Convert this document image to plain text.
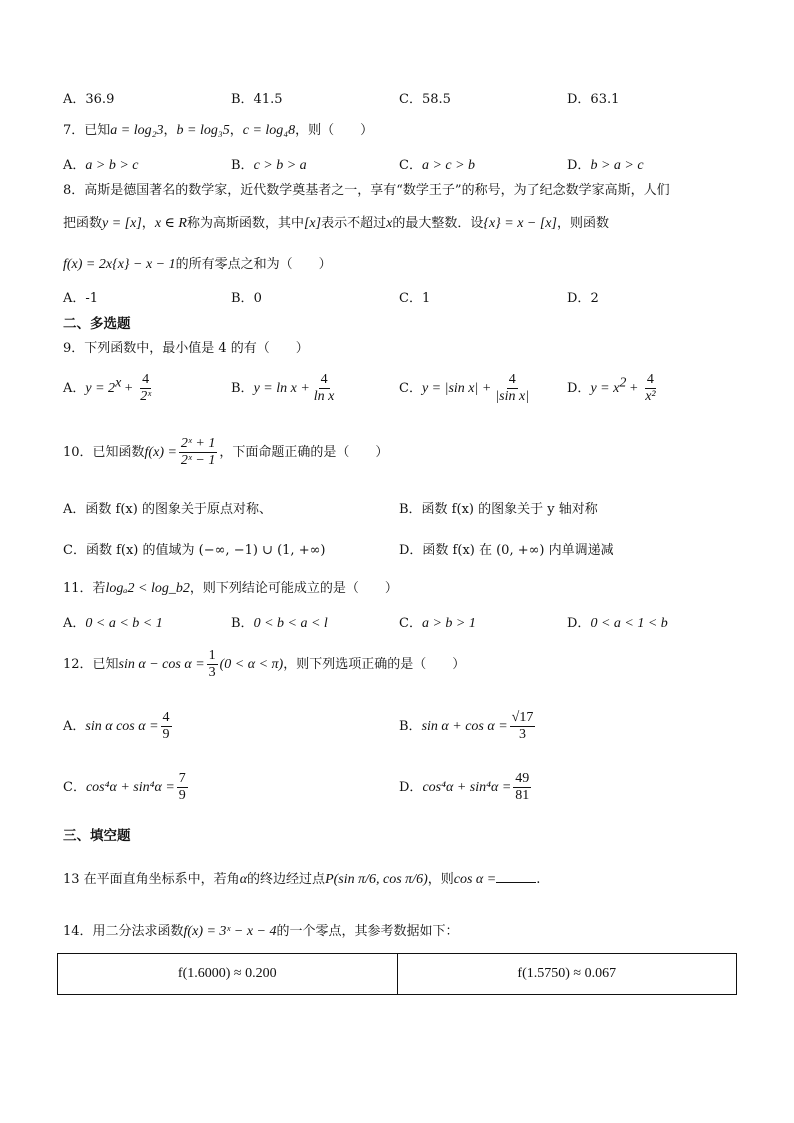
A．36.9	B．41.5	C．58.5	D．63.1
7．已知a = log₂3，b = log₃5，c = log₄8，则（　　）
A．a > b > c	B．c > b > a	C．a > c > b	D．b > a > c
8．高斯是德国著名的数学家，近代数学奠基者之一，享有“数学王子”的称号，为了纪念数学家高斯，人们
把函数y = [x]，x ∈ R称为高斯函数，其中[x]表示不超过x的最大整数．设{x} = x − [x]，则函数
f(x) = 2x{x} − x − 1的所有零点之和为（　　）
A．-1	B．0	C．1	D．2
二、多选题
9．下列函数中，最小值是 4 的有（　　）
A．$y = 2^x + \frac{4}{\text{2ˣ}}$	B．$y = \ln x + \frac{4}{\text{ln x}}$	C．y = |sin $x| + \frac{4}{\text{|sin x|}}$	D．$y = x^2 + \frac{4}{\text{x²}}$
10．已知函数$f(x) = \frac{\text{2ˣ + 1}}{\text{2ˣ − 1}}$ ，下面命题正确的是（　　）
A．函数 f(x) 的图象关于原点对称、	B．函数 f(x) 的图象关于 y 轴对称
C．函数 f(x) 的值域为 (−∞, −1) ∪ (1, +∞)	D．函数 f(x) 在 (0, +∞) 内单调递减
11．若logₐ2 < log_b2，则下列结论可能成立的是（　　）
A．0 < a < b < 1	B．0 < b < a < l	C．a > b > 1	D．0 < a < 1 < b
12．已知$\sin \alpha - \cos \alpha = \frac{1}{3} (0 < \alpha < \pi)$，则下列选项正确的是（　　）
A．sin α $\cos \alpha = \frac{4}{9}$	B．$\sin \alpha + \cos \alpha = \frac{√17}{3}$
C．$\cos^4\alpha + \sin^4\alpha = \frac{7}{9}$	D．$\cos^4\alpha + \sin^4\alpha = \frac{49}{81}$
三、填空题
13 在平面直角坐标系中，若角α的终边经过点P(sin π/6, cos π/6)，则cos α =	.
14．用二分法求函数f(x) = 3ˣ − x − 4的一个零点，其参考数据如下：
f(1.6000) ≈ 0.200	f(1.5750) ≈ 0.067
